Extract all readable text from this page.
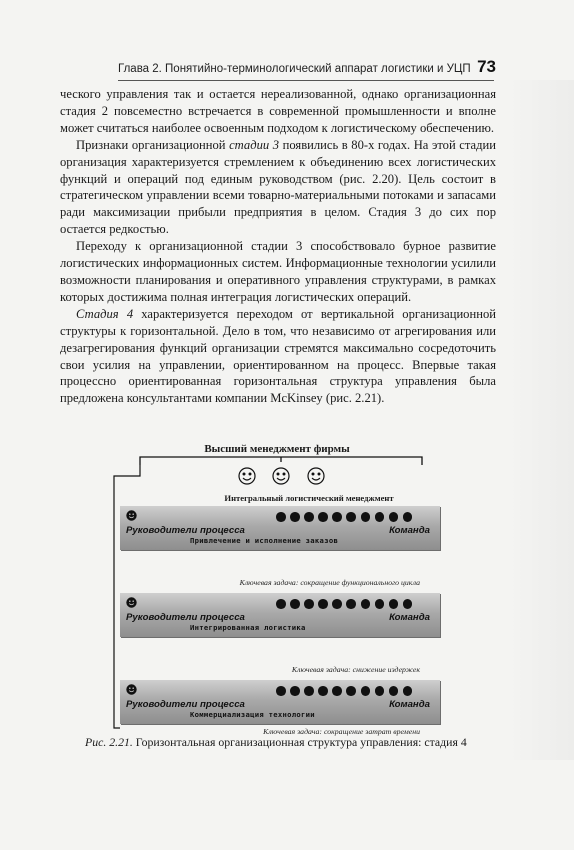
Глава 2. Понятийно-терминологический аппарат логистики и УЦП 73

ческого управления так и остается нереализованной, однако организационная стадия 2 повсеместно встречается в современной промышленности и вполне может считаться наиболее освоенным подходом к логистическому обеспечению.

Признаки организационной стадии 3 появились в 80-х годах. На этой стадии организация характеризуется стремлением к объединению всех логистических функций и операций под единым руководством (рис. 2.20). Цель состоит в стратегическом управлении всеми товарно-материальными потоками и запасами ради максимизации прибыли предприятия в целом. Стадия 3 до сих пор остается редкостью.

Переходу к организационной стадии 3 способствовало бурное развитие логистических информационных систем. Информационные технологии усилили возможности планирования и оперативного управления структурами, в рамках которых достижима полная интеграция логистических операций.

Стадия 4 характеризуется переходом от вертикальной организационной структуры к горизонтальной. Дело в том, что независимо от агрегирования или дезагрегирования функций организации стремятся максимально сосредоточить свои усилия на управлении, ориентированном на процесс. Впервые такая процессно ориентированная горизонтальная структура управления была предложена консультантами компании McKinsey (рис. 2.21).

Высший менеджмент фирмы
Интегральный логистический менеджмент
Руководители процесса	Команда
Привлечение и исполнение заказов
Ключевая задача: сокращение функционального цикла
Руководители процесса	Команда
Интегрированная логистика
Ключевая задача: снижение издержек
Руководители процесса	Команда
Коммерциализация технологии
Ключевая задача: сокращение затрат времени
Рис. 2.21. Горизонтальная организационная структура управления: стадия 4
